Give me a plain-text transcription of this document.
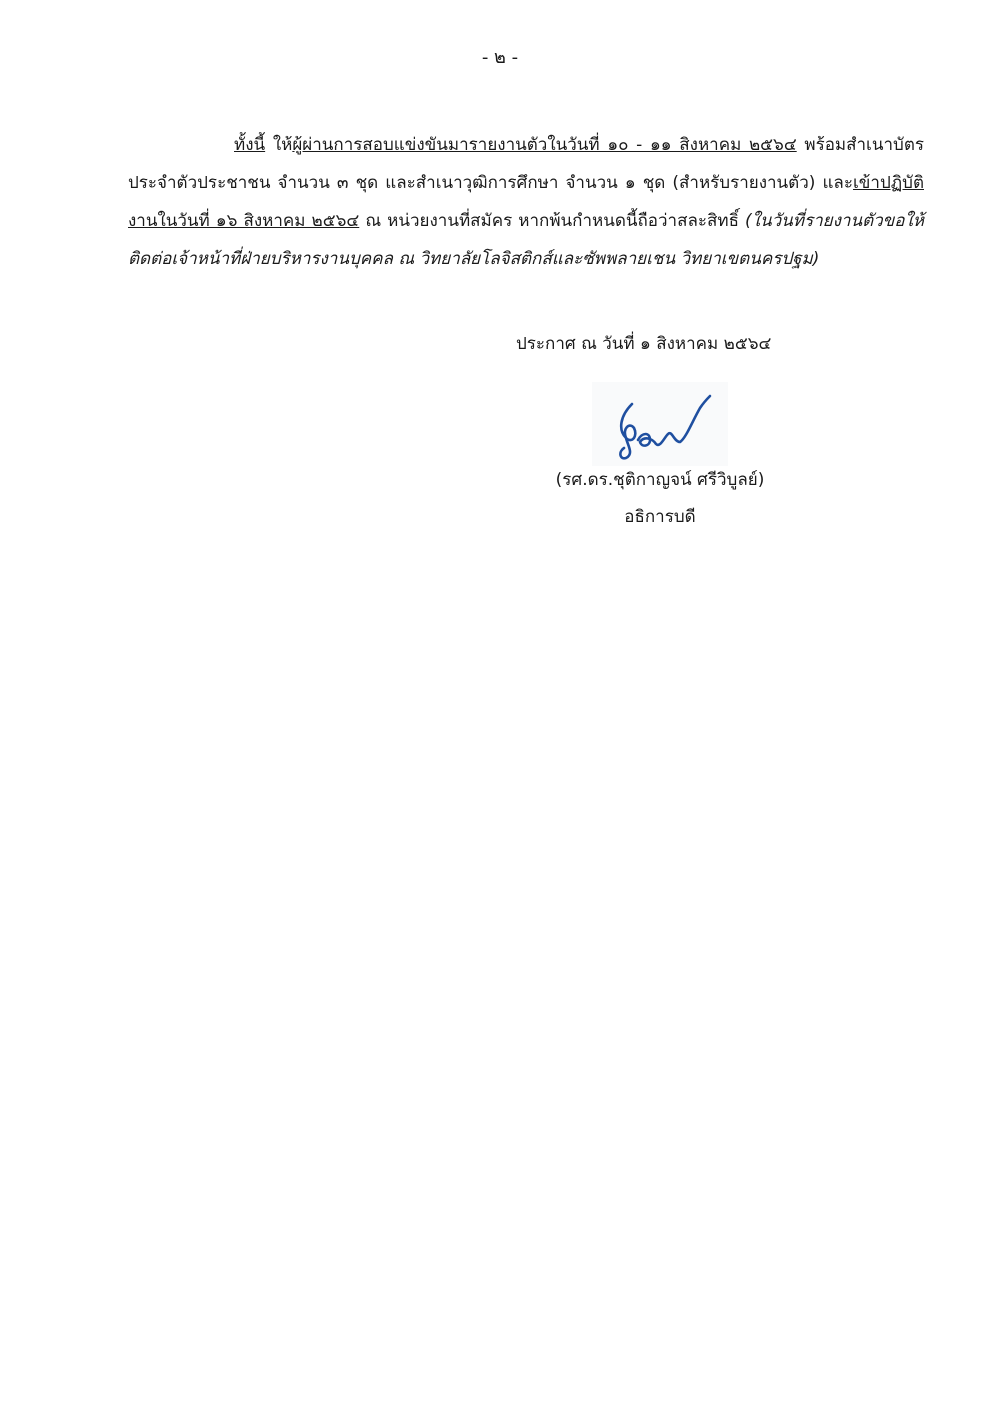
- ๒ -

ทั้งนี้ ให้ผู้ผ่านการสอบแข่งขันมารายงานตัวในวันที่ ๑๐ - ๑๑ สิงหาคม ๒๕๖๔ พร้อมสำเนาบัตรประจำตัวประชาชน จำนวน ๓ ชุด และสำเนาวุฒิการศึกษา จำนวน ๑ ชุด (สำหรับรายงานตัว) และเข้าปฏิบัติงานในวันที่ ๑๖ สิงหาคม ๒๕๖๔ ณ หน่วยงานที่สมัคร หากพ้นกำหนดนี้ถือว่าสละสิทธิ์ (ในวันที่รายงานตัวขอให้ติดต่อเจ้าหน้าที่ฝ่ายบริหารงานบุคคล ณ วิทยาลัยโลจิสติกส์และซัพพลายเชน วิทยาเขตนครปฐม)

ประกาศ ณ วันที่ ๑ สิงหาคม ๒๕๖๔
(รศ.ดร.ชุติกาญจน์ ศรีวิบูลย์)
อธิการบดี
